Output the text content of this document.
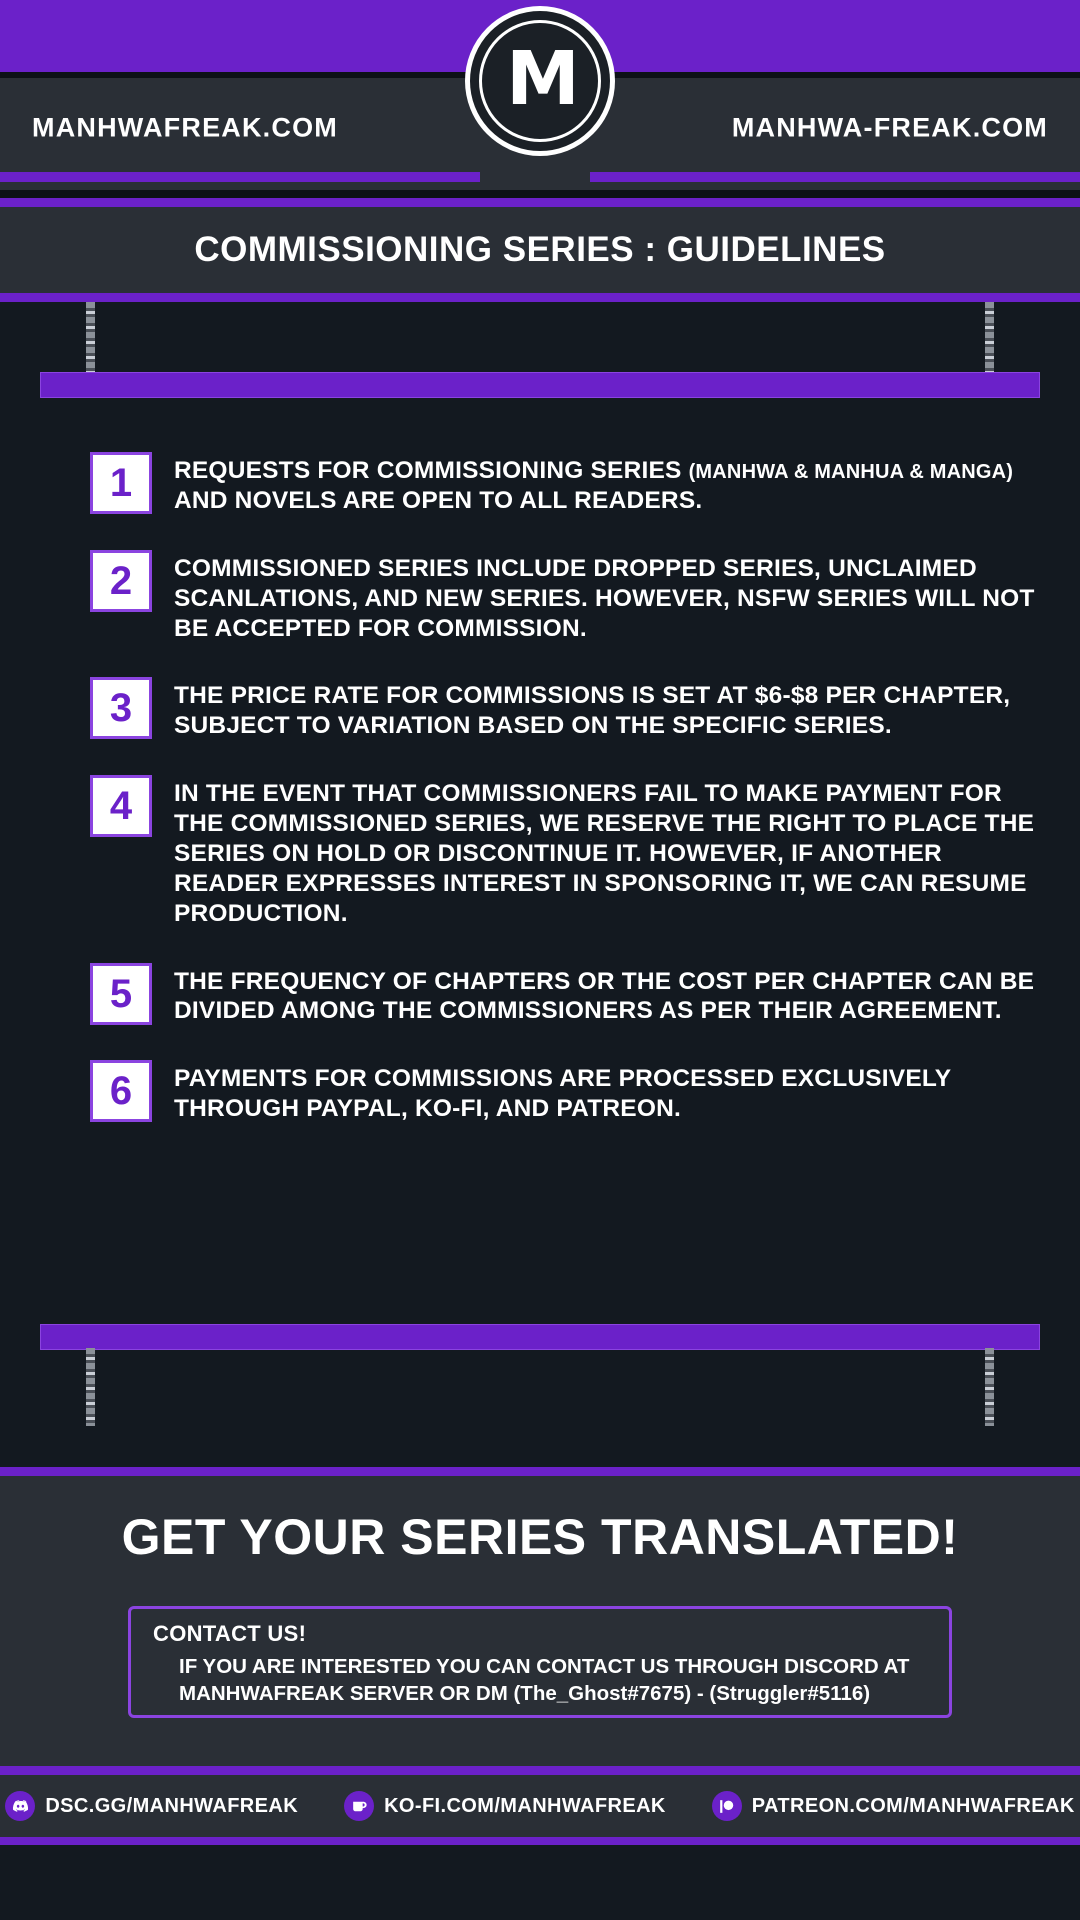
MANHWAFREAK.COM	MANHWA-FREAK.COM
M
COMMISSIONING SERIES : GUIDELINES
1	REQUESTS FOR COMMISSIONING SERIES (MANHWA & MANHUA & MANGA) AND NOVELS ARE OPEN TO ALL READERS.
2	COMMISSIONED SERIES INCLUDE DROPPED SERIES, UNCLAIMED SCANLATIONS, AND NEW SERIES. HOWEVER, NSFW SERIES WILL NOT BE ACCEPTED FOR COMMISSION.
3	THE PRICE RATE FOR COMMISSIONS IS SET AT $6-$8 PER CHAPTER, SUBJECT TO VARIATION BASED ON THE SPECIFIC SERIES.
4	IN THE EVENT THAT COMMISSIONERS FAIL TO MAKE PAYMENT FOR THE COMMISSIONED SERIES, WE RESERVE THE RIGHT TO PLACE THE SERIES ON HOLD OR DISCONTINUE IT. HOWEVER, IF ANOTHER READER EXPRESSES INTEREST IN SPONSORING IT, WE CAN RESUME PRODUCTION.
5	THE FREQUENCY OF CHAPTERS OR THE COST PER CHAPTER CAN BE DIVIDED AMONG THE COMMISSIONERS AS PER THEIR AGREEMENT.
6	PAYMENTS FOR COMMISSIONS ARE PROCESSED EXCLUSIVELY THROUGH PAYPAL, KO-FI, AND PATREON.
GET YOUR SERIES TRANSLATED!
CONTACT US!
IF YOU ARE INTERESTED YOU CAN CONTACT US THROUGH DISCORD AT MANHWAFREAK SERVER OR DM (The_Ghost#7675) - (Struggler#5116)
DSC.GG/MANHWAFREAK	KO-FI.COM/MANHWAFREAK	PATREON.COM/MANHWAFREAK
